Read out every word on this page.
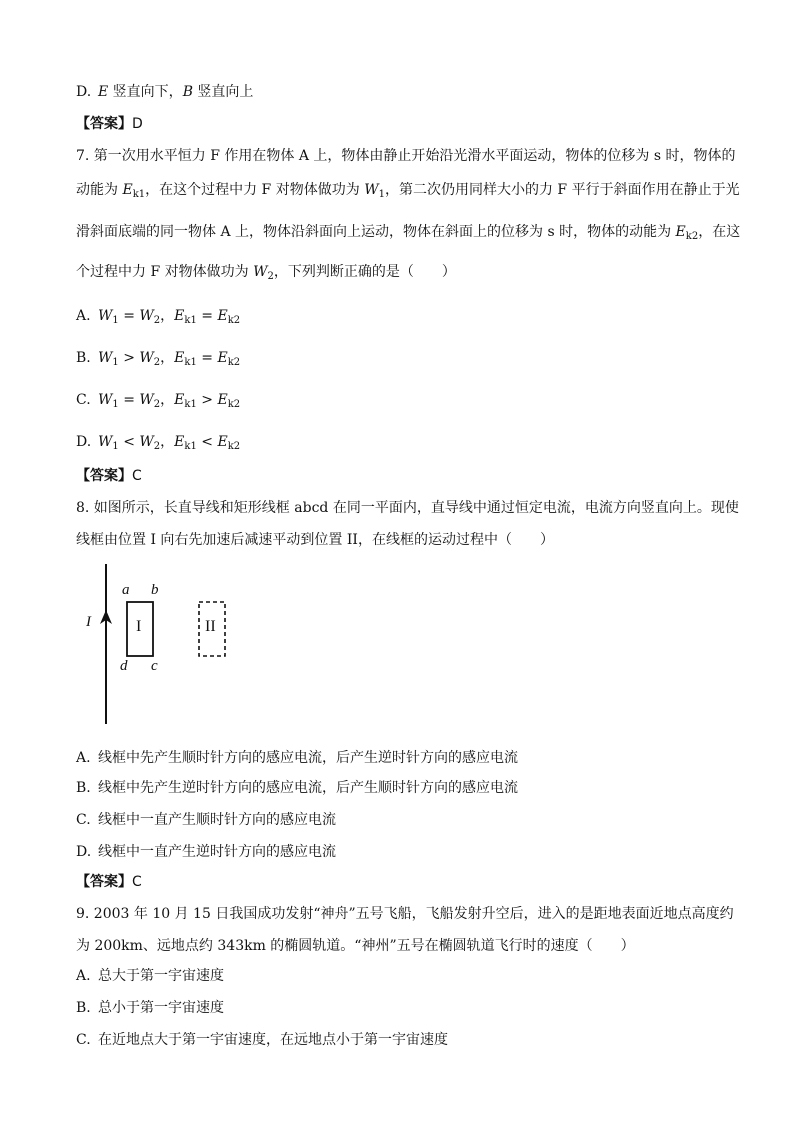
D. E 竖直向下，B 竖直向上
【答案】D
7. 第一次用水平恒力 F 作用在物体 A 上，物体由静止开始沿光滑水平面运动，物体的位移为 s 时，物体的
动能为 $E_{k1}$，在这个过程中力 F 对物体做功为 $W_1$，第二次仍用同样大小的力 F 平行于斜面作用在静止于光
滑斜面底端的同一物体 A 上，物体沿斜面向上运动，物体在斜面上的位移为 s 时，物体的动能为 $E_{k2}$，在这
个过程中力 F 对物体做功为 $W_2$，下列判断正确的是（　　）
A. $W_1 = W_2$，$E_{k1} = E_{k2}$
B. $W_1 > W_2$，$E_{k1} = E_{k2}$
C. $W_1 = W_2$，$E_{k1} > E_{k2}$
D. $W_1 < W_2$，$E_{k1} < E_{k2}$
【答案】C
8. 如图所示，长直导线和矩形线框 abcd 在同一平面内，直导线中通过恒定电流，电流方向竖直向上。现使
线框由位置 I 向右先加速后减速平动到位置 II，在线框的运动过程中（　　）
I
a b
d c
I	II
A. 线框中先产生顺时针方向的感应电流，后产生逆时针方向的感应电流
B. 线框中先产生逆时针方向的感应电流，后产生顺时针方向的感应电流
C. 线框中一直产生顺时针方向的感应电流
D. 线框中一直产生逆时针方向的感应电流
【答案】C
9. 2003 年 10 月 15 日我国成功发射“神舟”五号飞船，飞船发射升空后，进入的是距地表面近地点高度约
为 200km、远地点约 343km 的椭圆轨道。“神州”五号在椭圆轨道飞行时的速度（　　）
A. 总大于第一宇宙速度
B. 总小于第一宇宙速度
C. 在近地点大于第一宇宙速度，在远地点小于第一宇宙速度
